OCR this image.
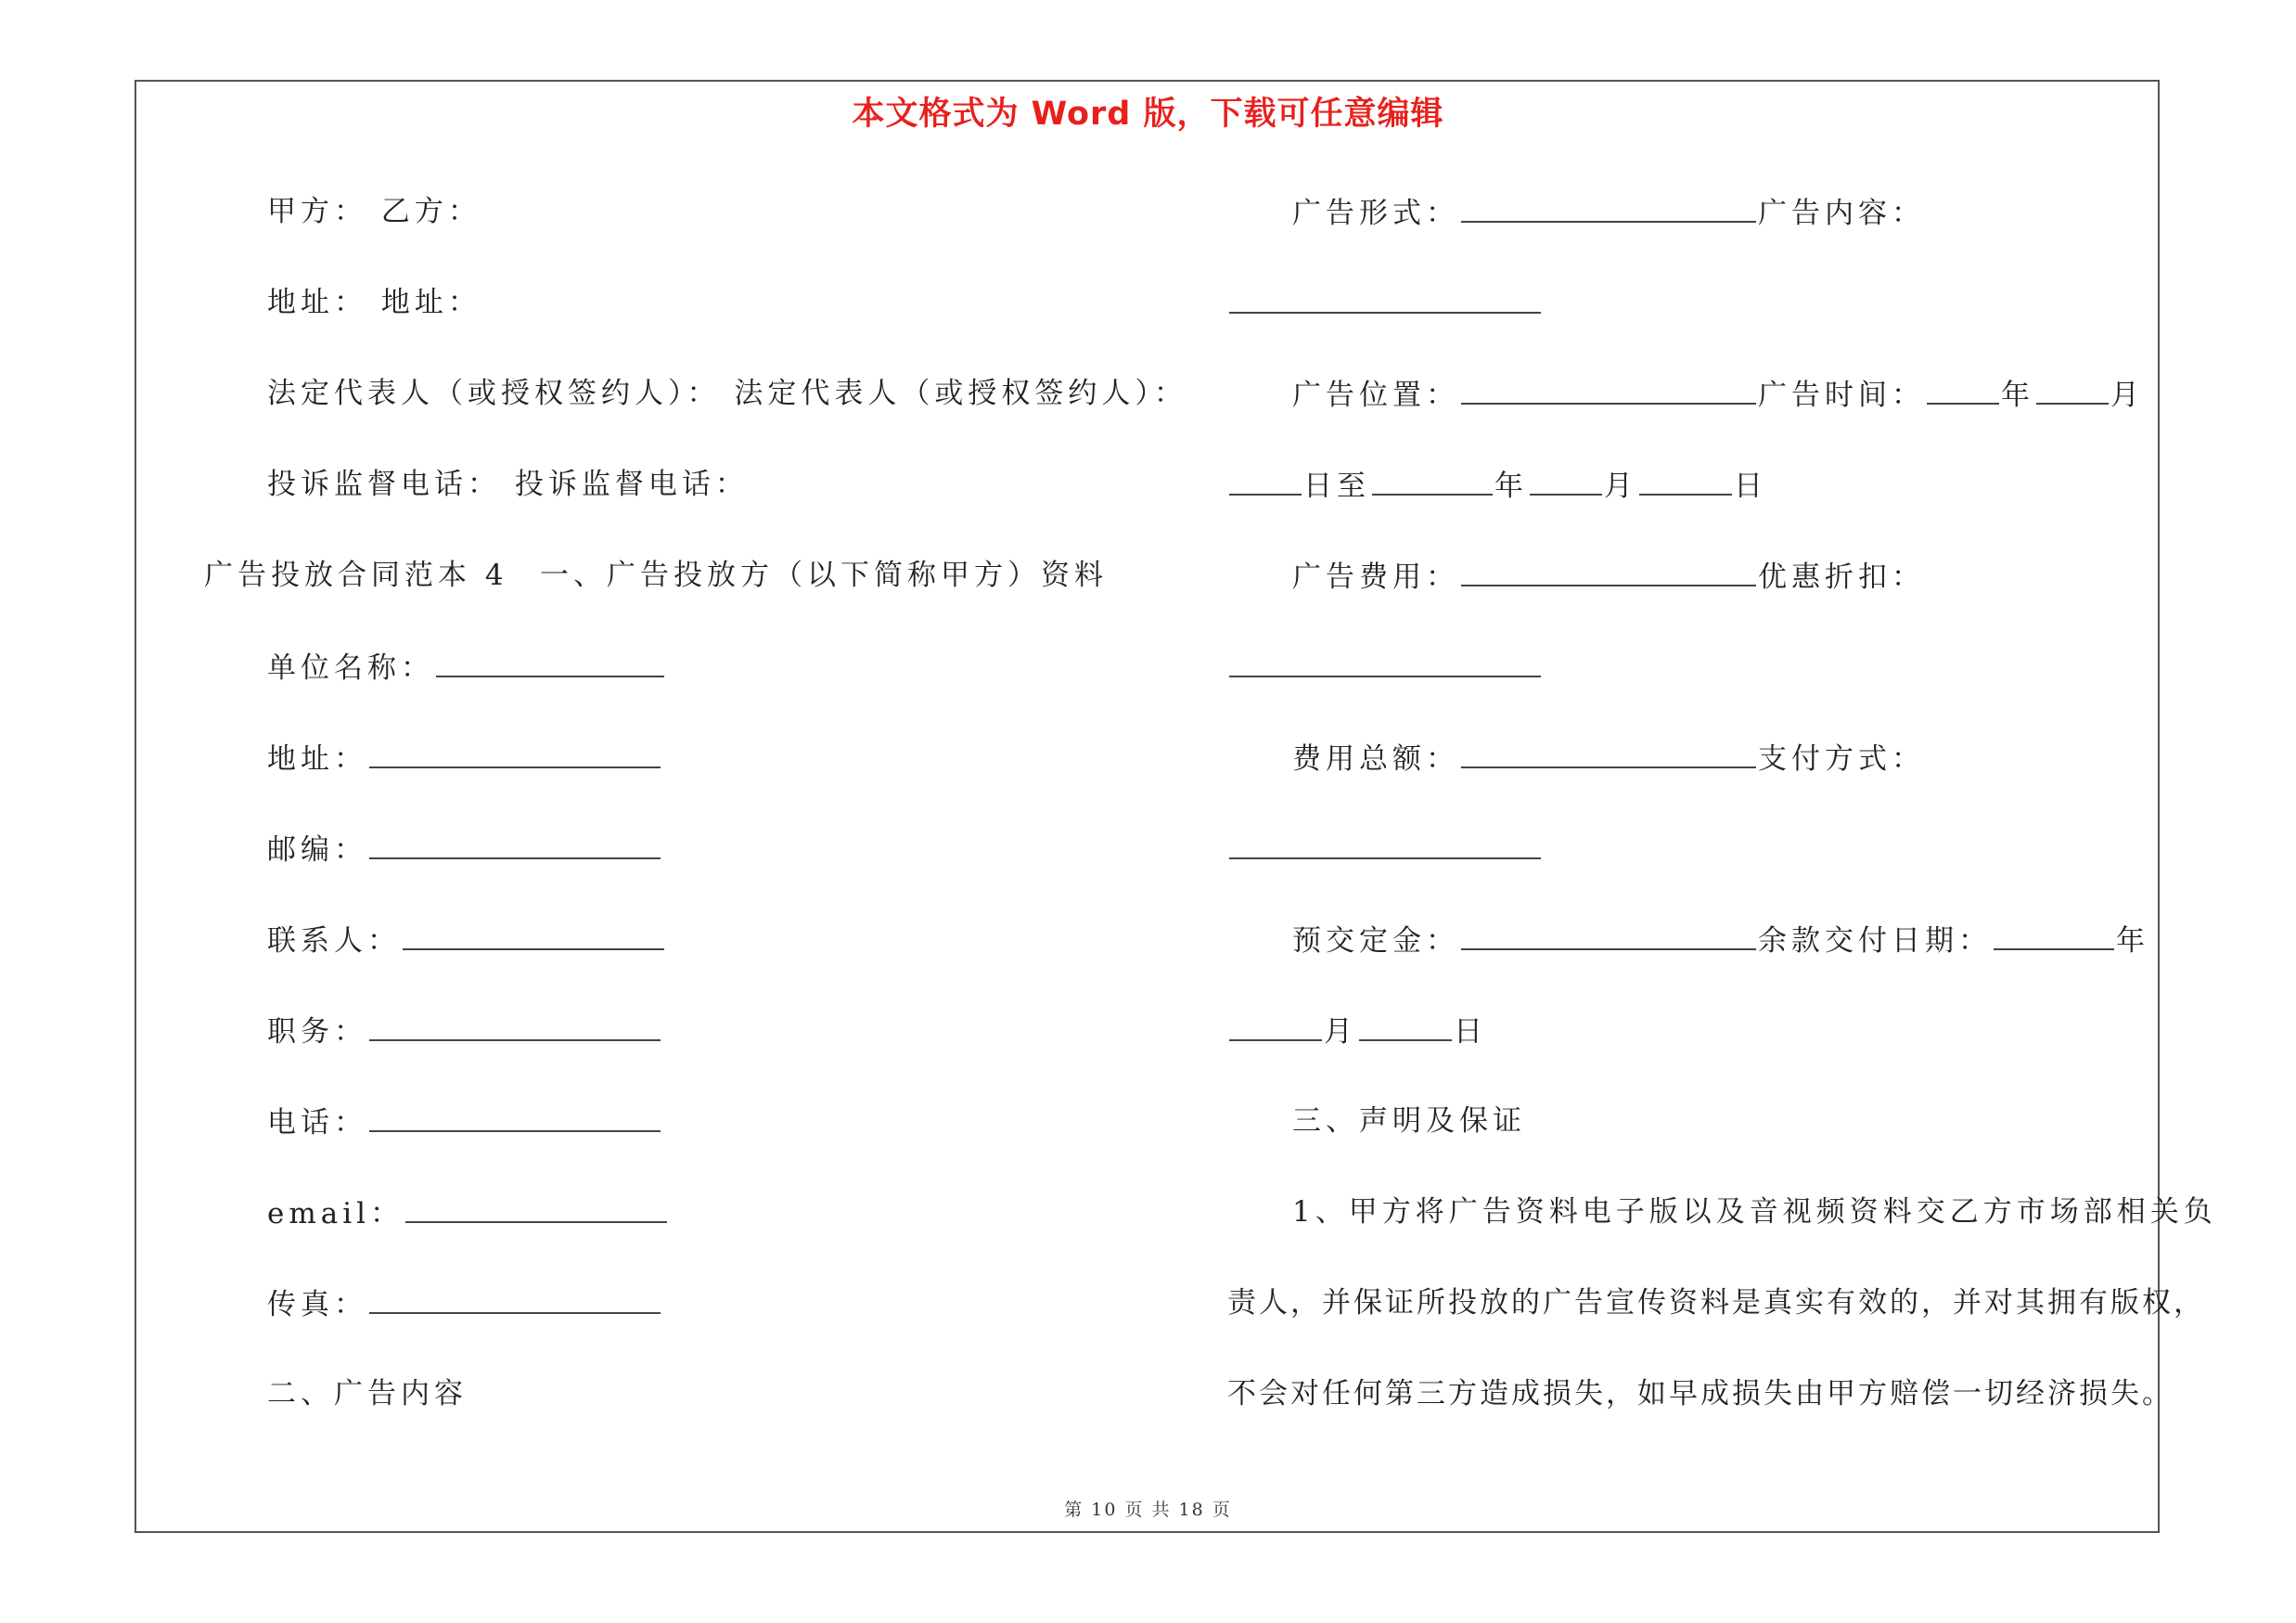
本文格式为 Word 版，下载可任意编辑
甲方： 乙方：
地址： 地址：
法定代表人（或授权签约人）： 法定代表人（或授权签约人）：
投诉监督电话： 投诉监督电话：
广告投放合同范本 4 一、广告投放方（以下简称甲方）资料
单位名称：
地址：
邮编：
联系人：
职务：
电话：
email：
传真：
二、广告内容
广告形式：	广告内容：
广告位置：	广告时间：	年	月
日至	年	月	日
广告费用：	优惠折扣：
费用总额：	支付方式：
预交定金：	余款交付日期：	年
月	日
三、声明及保证
1、甲方将广告资料电子版以及音视频资料交乙方市场部相关负
责人，并保证所投放的广告宣传资料是真实有效的，并对其拥有版权，
不会对任何第三方造成损失，如早成损失由甲方赔偿一切经济损失。
第 10 页 共 18 页
